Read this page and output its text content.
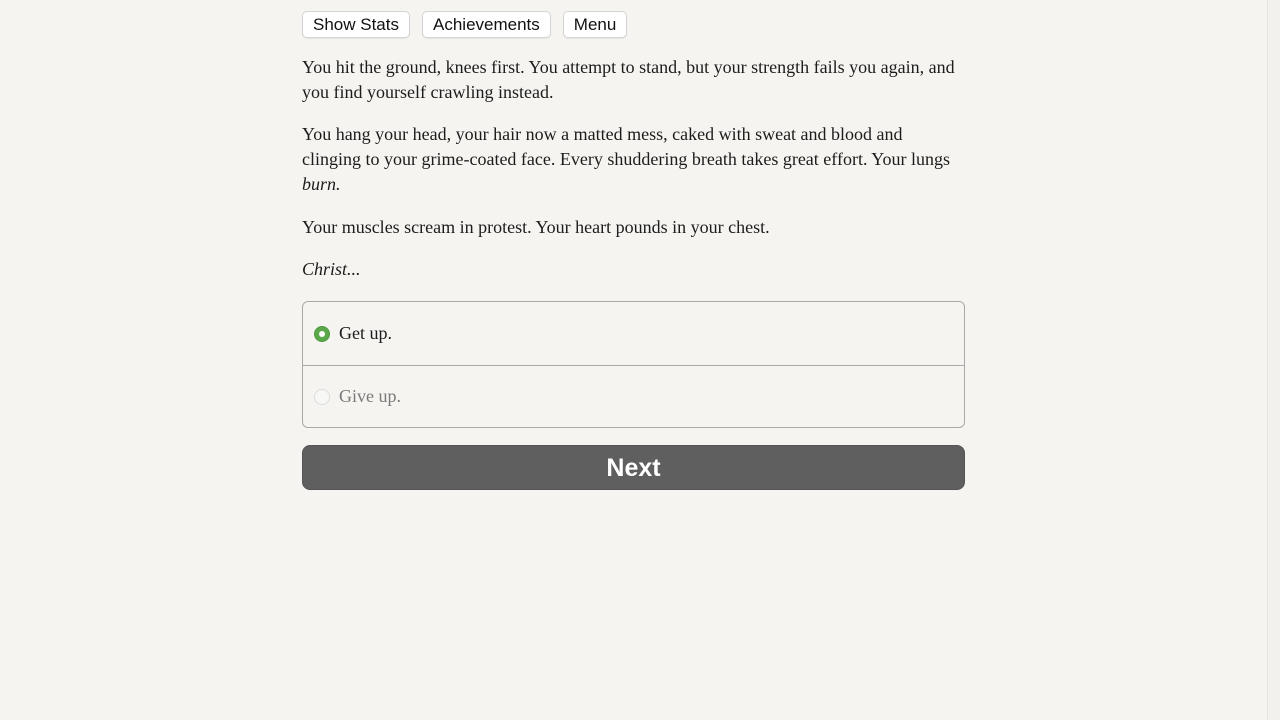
Show Stats	Achievements	Menu

You hit the ground, knees first. You attempt to stand, but your strength fails you again, and you find yourself crawling instead.

You hang your head, your hair now a matted mess, caked with sweat and blood and clinging to your grime-coated face. Every shuddering breath takes great effort. Your lungs burn.

Your muscles scream in protest. Your heart pounds in your chest.

Christ...

Get up.
Give up.
Next
